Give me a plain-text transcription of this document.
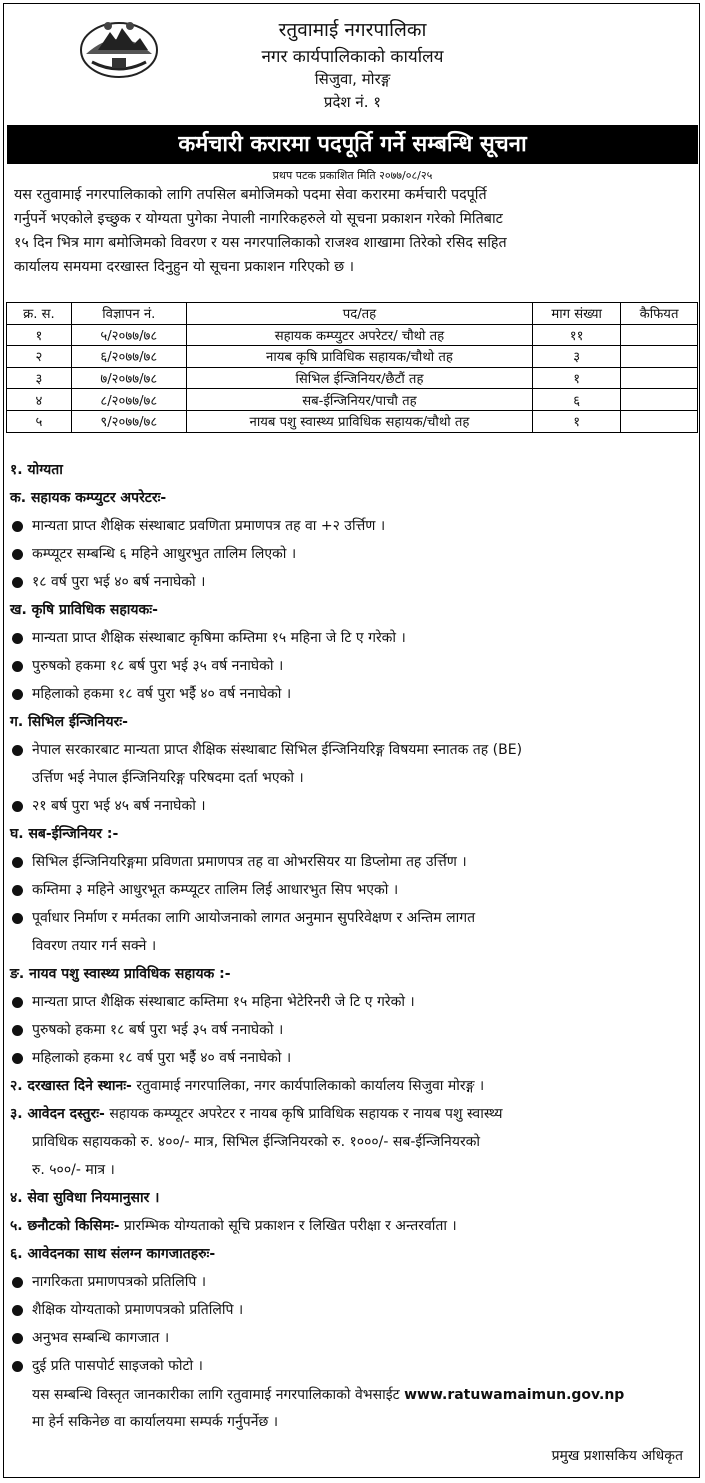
रतुवामाई नगरपालिका
नगर कार्यपालिकाको कार्यालय
सिजुवा, मोरङ्ग
प्रदेश नं. १
कर्मचारी करारमा पदपूर्ति गर्ने सम्बन्धि सूचना
प्रथप पटक प्रकाशित मिति २०७७/०८/२५
यस रतुवामाई नगरपालिकाको लागि तपसिल बमोजिमको पदमा सेवा करारमा कर्मचारी पदपूर्ति
गर्नुपर्ने भएकोले इच्छुक र योग्यता पुगेका नेपाली नागरिकहरुले यो सूचना प्रकाशन गरेको मितिबाट
१५ दिन भित्र माग बमोजिमको विवरण र यस नगरपालिकाको राजश्व शाखामा तिरेको रसिद सहित
कार्यालय समयमा दरखास्त दिनुहुन यो सूचना प्रकाशन गरिएको छ ।
क्र. स.	विज्ञापन नं.	पद/तह	माग संख्या	कैफियत
१	५/२०७७/७८	सहायक कम्प्युटर अपरेटर/ चौथो तह	११	
२	६/२०७७/७८	नायब कृषि प्राविधिक सहायक/चौथो तह	३	
३	७/२०७७/७८	सिभिल ईन्जिनियर/छैटौं तह	१	
४	८/२०७७/७८	सब-ईन्जिनियर/पाचौ तह	६	
५	९/२०७७/७८	नायब पशु स्वास्थ्य प्राविधिक सहायक/चौथो तह	१	
१. योग्यता
क. सहायक कम्प्युटर अपरेटरः-
मान्यता प्राप्त शैक्षिक संस्थाबाट प्रवणिता प्रमाणपत्र तह वा +२ उर्त्तिण ।
कम्प्यूटर सम्बन्धि ६ महिने आधुरभुत तालिम लिएको ।
१८ वर्ष पुरा भई ४० बर्ष ननाघेको ।
ख. कृषि प्राविधिक सहायकः-
मान्यता प्राप्त शैक्षिक संस्थाबाट कृषिमा कम्तिमा १५ महिना जे टि ए गरेको ।
पुरुषको हकमा १८ बर्ष पुरा भई ३५ वर्ष ननाघेको ।
महिलाको हकमा १८ वर्ष पुरा भईै ४० वर्ष ननाघेको ।
ग. सिभिल ईन्जिनियरः-
नेपाल सरकारबाट मान्यता प्राप्त शैक्षिक संस्थाबाट सिभिल ईन्जिनियरिङ्ग विषयमा स्नातक तह (BE)
उर्त्तिण भई नेपाल ईन्जिनियरिङ्ग परिषदमा दर्ता भएको ।
२१ बर्ष पुरा भई ४५ बर्ष ननाघेको ।
घ. सब-ईन्जिनियर :-
सिभिल ईन्जिनियरिङ्गमा प्रविणता प्रमाणपत्र तह वा ओभरसियर या डिप्लोमा तह उर्त्तिण ।
कम्तिमा ३ महिने आधुरभूत कम्प्यूटर तालिम लिई आधारभुत सिप भएको ।
पूर्वाधार निर्माण र मर्मतका लागि आयोजनाको लागत अनुमान सुपरिवेक्षण र अन्तिम लागत
विवरण तयार गर्न सक्ने ।
ङ. नायव पशु स्वास्थ्य प्राविधिक सहायक :-
मान्यता प्राप्त शैक्षिक संस्थाबाट कम्तिमा १५ महिना भेटेरिनरी जे टि ए गरेको ।
पुरुषको हकमा १८ बर्ष पुरा भई ३५ वर्ष ननाघेको ।
महिलाको हकमा १८ वर्ष पुरा भईै ४० वर्ष ननाघेको ।
२. दरखास्त दिने स्थानः- रतुवामाई नगरपालिका, नगर कार्यपालिकाको कार्यालय सिजुवा मोरङ्ग ।
३. आवेदन दस्तुरः- सहायक कम्प्यूटर अपरेटर र नायब कृषि प्राविधिक सहायक र नायब पशु स्वास्थ्य
प्राविधिक सहायकको रु. ४००/- मात्र, सिभिल ईन्जिनियरको रु. १०००/- सब-ईन्जिनियरको
रु. ५००/- मात्र ।
४. सेवा सुविधा नियमानुसार ।
५. छनौटको किसिमः- प्रारम्भिक योग्यताको सूचि प्रकाशन र लिखित परीक्षा र अन्तरर्वाता ।
६. आवेदनका साथ संलग्न कागजातहरुः-
नागरिकता प्रमाणपत्रको प्रतिलिपि ।
शैक्षिक योग्यताको प्रमाणपत्रको प्रतिलिपि ।
अनुभव सम्बन्धि कागजात ।
दुई प्रति पासपोर्ट साइजको फोटो ।
यस सम्बन्धि विस्तृत जानकारीका लागि रतुवामाई नगरपालिकाको वेभसाईट www.ratuwamaimun.gov.np
मा हेर्न सकिनेछ वा कार्यालयमा सम्पर्क गर्नुपर्नेछ ।
प्रमुख प्रशासकिय अधिकृत
